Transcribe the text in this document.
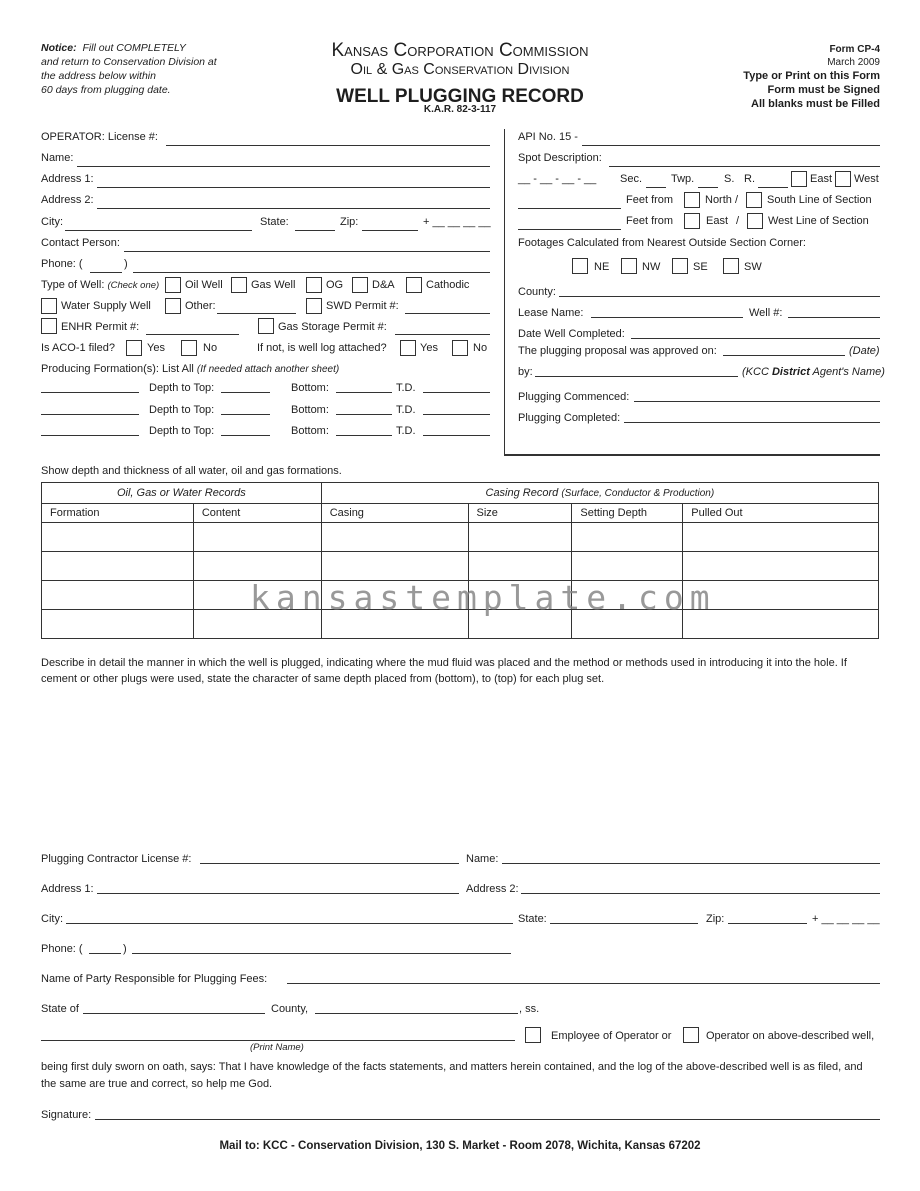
Notice: Fill out COMPLETELY
and return to Conservation Division at
the address below within
60 days from plugging date.
Kansas Corporation Commission
Oil & Gas Conservation Division
WELL PLUGGING RECORD
K.A.R. 82-3-117
Form CP-4
March 2009
Type or Print on this Form
Form must be Signed
All blanks must be Filled
OPERATOR: License #:
Name:
Address 1:
Address 2:
City:	State:	Zip:	+ __ __ __ __
Contact Person:
Phone: (	)
Type of Well: (Check one) Oil Well	Gas Well	OG	D&A	Cathodic
Water Supply Well	Other:	SWD Permit #:
ENHR Permit #:	Gas Storage Permit #:
Is ACO-1 filed?	Yes	No	If not, is well log attached?	Yes	No
Producing Formation(s): List All (If needed attach another sheet)
Depth to Top:	Bottom:	T.D.
Depth to Top:	Bottom:	T.D.
Depth to Top:	Bottom:	T.D.
API No. 15 -
Spot Description:
__ - __ - __ - __ Sec.	Twp.	S. R.	East West
Feet from	North /	South Line of Section
Feet from	East /	West Line of Section
Footages Calculated from Nearest Outside Section Corner:
NE	NW	SE	SW
County:
Lease Name:	Well #:
Date Well Completed:
The plugging proposal was approved on:	(Date)
by:	(KCC District Agent's Name)
Plugging Commenced:
Plugging Completed:
Show depth and thickness of all water, oil and gas formations.
Oil, Gas or Water Records		Casing Record (Surface, Conductor & Production)			
Formation	Content	Casing	Size	Setting Depth	Pulled Out

kansastemplate.com
Describe in detail the manner in which the well is plugged, indicating where the mud fluid was placed and the method or methods used in introducing it into the hole. If
cement or other plugs were used, state the character of same depth placed from (bottom), to (top) for each plug set.
Plugging Contractor License #:	Name:
Address 1:	Address 2:
City:	State:	Zip:	+ __ __ __ __
Phone: (	)
Name of Party Responsible for Plugging Fees:
State of	County,	, ss.
Employee of Operator or	Operator on above-described well,
(Print Name)
being first duly sworn on oath, says: That I have knowledge of the facts statements, and matters herein contained, and the log of the above-described well is as filed, and
the same are true and correct, so help me God.
Signature:
Mail to: KCC - Conservation Division, 130 S. Market - Room 2078, Wichita, Kansas 67202
